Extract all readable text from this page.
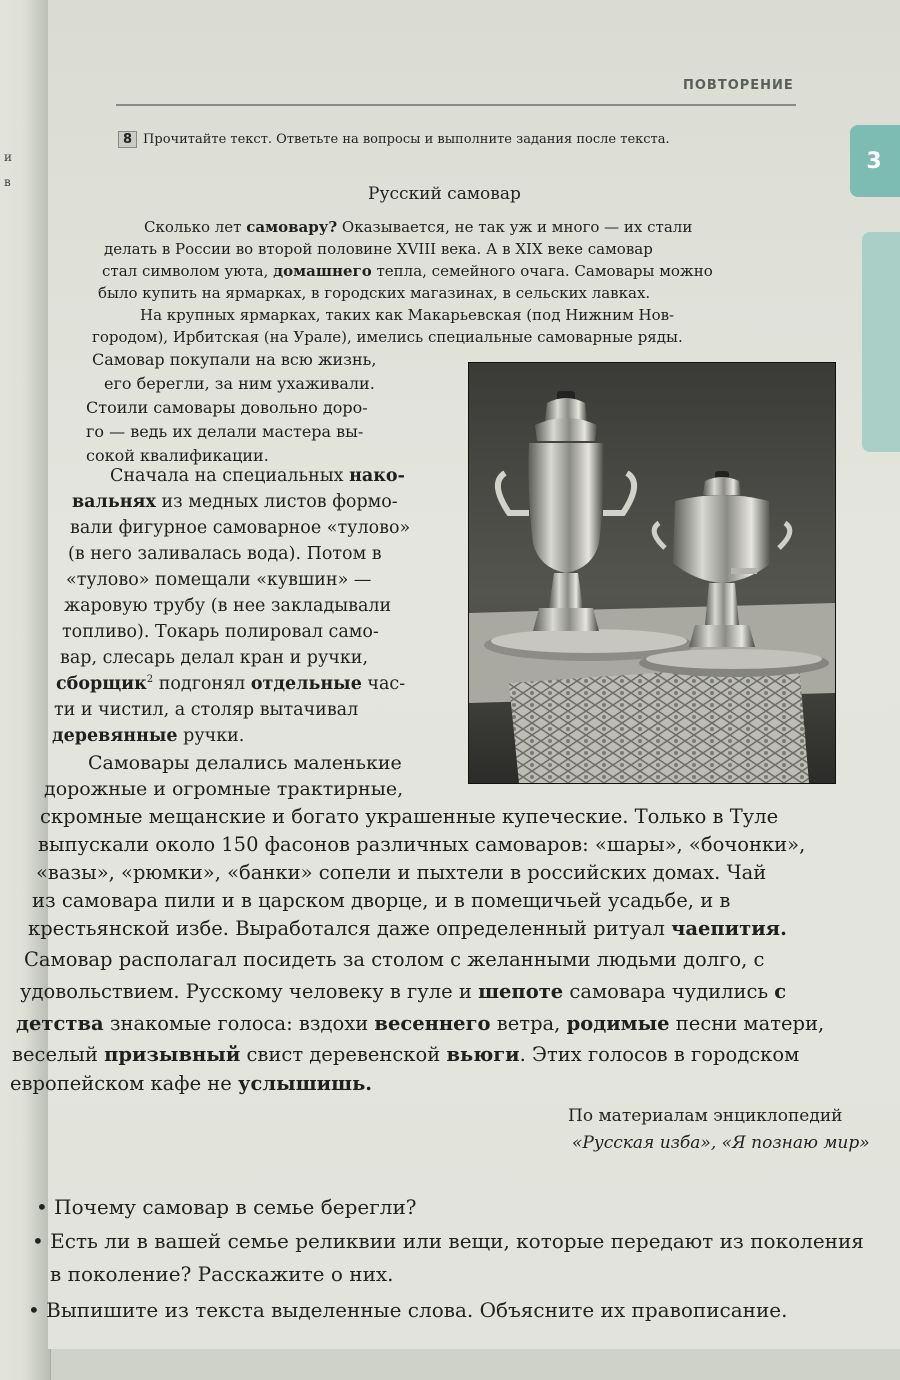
и
в
ПОВТОРЕНИЕ
3
8 Прочитайте текст. Ответьте на вопросы и выполните задания после текста.
Русский самовар
Сколько лет самовару? Оказывается, не так уж и много — их стали
делать в России во второй половине XVIII века. А в XIX веке самовар
стал символом уюта, домашнего тепла, семейного очага. Самовары можно
было купить на ярмарках, в городских магазинах, в сельских лавках.
На крупных ярмарках, таких как Макарьевская (под Нижним Нов-
городом), Ирбитская (на Урале), имелись специальные самоварные ряды.
Самовар покупали на всю жизнь,
его берегли, за ним ухаживали.
Стоили самовары довольно доро-
го — ведь их делали мастера вы-
сокой квалификации.
Сначала на специальных нако-
вальнях из медных листов формо-
вали фигурное самоварное «тулово»
(в него заливалась вода). Потом в
«тулово» помещали «кувшин» —
жаровую трубу (в нее закладывали
топливо). Токарь полировал само-
вар, слесарь делал кран и ручки,
сборщик$^2$ подгонял отдельные час-
ти и чистил, а столяр вытачивал
деревянные ручки.
Самовары делались маленькие
дорожные и огромные трактирные,
скромные мещанские и богато украшенные купеческие. Только в Туле
выпускали около 150 фасонов различных самоваров: «шары», «бочонки»,
«вазы», «рюмки», «банки» сопели и пыхтели в российских домах. Чай
из самовара пили и в царском дворце, и в помещичьей усадьбе, и в
крестьянской избе. Выработался даже определенный ритуал чаепития.
Самовар располагал посидеть за столом с желанными людьми долго, с
удовольствием. Русскому человеку в гуле и шепоте самовара чудились с
детства знакомые голоса: вздохи весеннего ветра, родимые песни матери,
веселый призывный свист деревенской вьюги. Этих голосов в городском
европейском кафе не услышишь.
По материалам энциклопедий
«Русская изба», «Я познаю мир»
• Почему самовар в семье берегли?
• Есть ли в вашей семье реликвии или вещи, которые передают из поколения
в поколение? Расскажите о них.
• Выпишите из текста выделенные слова. Объясните их правописание.
